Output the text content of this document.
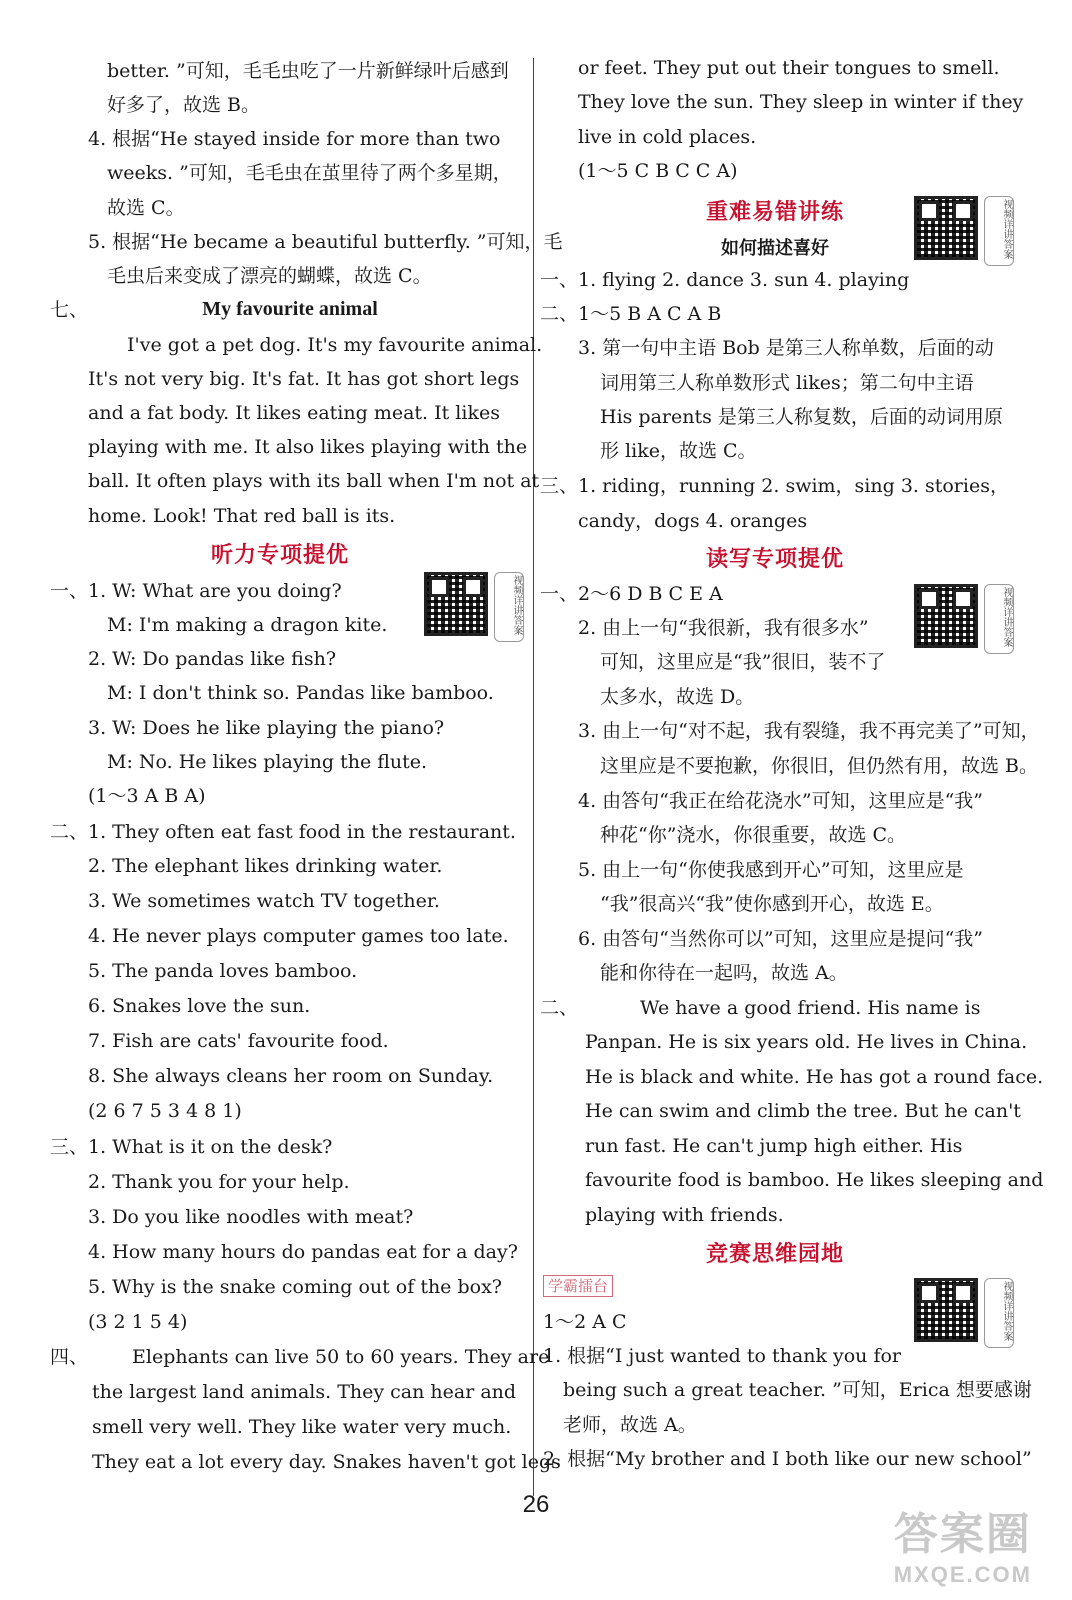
better. ”可知，毛毛虫吃了一片新鲜绿叶后感到
好多了，故选 B。
4. 根据“He stayed inside for more than two
weeks. ”可知，毛毛虫在茧里待了两个多星期，
故选 C。
5. 根据“He became a beautiful butterfly. ”可知，毛
毛虫后来变成了漂亮的蝴蝶，故选 C。
七、	My favourite animal
I've got a pet dog. It's my favourite animal.
It's not very big. It's fat. It has got short legs
and a fat body. It likes eating meat. It likes
playing with me. It also likes playing with the
ball. It often plays with its ball when I'm not at
home. Look! That red ball is its.
听力专项提优
视频详讲答案
一、1. W: What are you doing?
M: I'm making a dragon kite.
2. W: Do pandas like fish?
M: I don't think so. Pandas like bamboo.
3. W: Does he like playing the piano?
M: No. He likes playing the flute.
(1～3 A B A)
二、1. They often eat fast food in the restaurant.
2. The elephant likes drinking water.
3. We sometimes watch TV together.
4. He never plays computer games too late.
5. The panda loves bamboo.
6. Snakes love the sun.
7. Fish are cats' favourite food.
8. She always cleans her room on Sunday.
(2 6 7 5 3 4 8 1)
三、1. What is it on the desk?
2. Thank you for your help.
3. Do you like noodles with meat?
4. How many hours do pandas eat for a day?
5. Why is the snake coming out of the box?
(3 2 1 5 4)
四、 Elephants can live 50 to 60 years. They are
the largest land animals. They can hear and
smell very well. They like water very much.
They eat a lot every day. Snakes haven't got legs
or feet. They put out their tongues to smell.
They love the sun. They sleep in winter if they
live in cold places.
(1～5 C B C C A)
重难易错讲练
如何描述喜好	视频详讲答案
一、1. flying 2. dance 3. sun 4. playing
二、1～5 B A C A B
3. 第一句中主语 Bob 是第三人称单数，后面的动
词用第三人称单数形式 likes；第二句中主语
His parents 是第三人称复数，后面的动词用原
形 like，故选 C。
三、1. riding，running 2. swim，sing 3. stories，
candy，dogs 4. oranges
读写专项提优
视频详讲答案
一、2～6 D B C E A
2. 由上一句“我很新，我有很多水”
可知，这里应是“我”很旧，装不了
太多水，故选 D。
3. 由上一句“对不起，我有裂缝，我不再完美了”可知，
这里应是不要抱歉，你很旧，但仍然有用，故选 B。
4. 由答句“我正在给花浇水”可知，这里应是“我”
种花“你”浇水，你很重要，故选 C。
5. 由上一句“你使我感到开心”可知，这里应是
“我”很高兴“我”使你感到开心，故选 E。
6. 由答句“当然你可以”可知，这里应是提问“我”
能和你待在一起吗，故选 A。
二、	We have a good friend. His name is
Panpan. He is six years old. He lives in China.
He is black and white. He has got a round face.
He can swim and climb the tree. But he can't
run fast. He can't jump high either. His
favourite food is bamboo. He likes sleeping and
playing with friends.
竞赛思维园地
学霸擂台	视频详讲答案
1～2 A C
1. 根据“I just wanted to thank you for
being such a great teacher. ”可知，Erica 想要感谢
老师，故选 A。
2. 根据“My brother and I both like our new school”
26
答案圈
MXQE.COM
